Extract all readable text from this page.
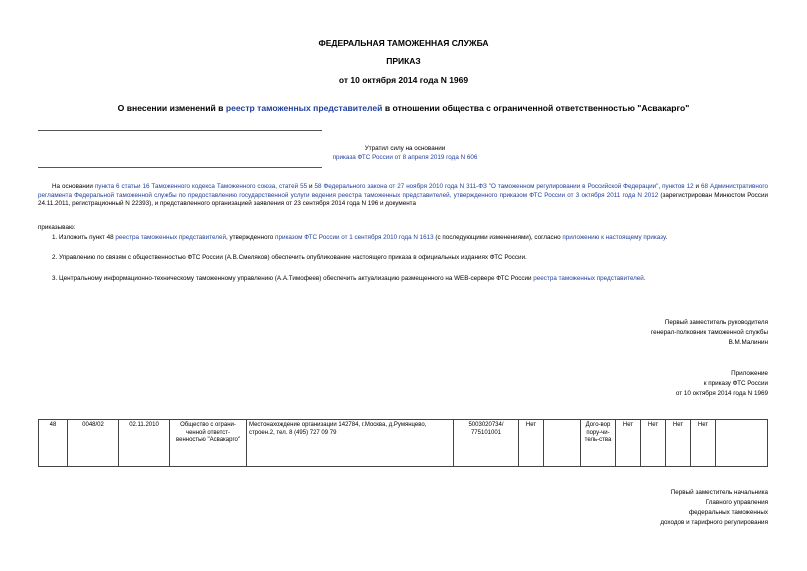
ФЕДЕРАЛЬНАЯ ТАМОЖЕННАЯ СЛУЖБА
ПРИКАЗ
от 10 октября 2014 года N 1969
О внесении изменений в реестр таможенных представителей в отношении общества с ограниченной ответственностью "Асвакарго"
Утратил силу на основании
приказа ФТС России от 8 апреля 2019 года N 606
На основании пункта 6 статьи 16 Таможенного кодекса Таможенного союза, статей 55 и 58 Федерального закона от 27 ноября 2010 года N 311-ФЗ "О таможенном регулировании в Российской Федерации", пунктов 12 и 68 Административного регламента Федеральной таможенной службы по предоставлению государственной услуги ведения реестра таможенных представителей, утвержденного приказом ФТС России от 3 октября 2011 года N 2012 (зарегистрирован Минюстом России 24.11.2011, регистрационный N 22393), и представленного организацией заявления от 23 сентября 2014 года N 196 и документа
приказываю:
1. Изложить пункт 48 реестра таможенных представителей, утвержденного приказом ФТС России от 1 сентября 2010 года N 1613 (с последующими изменениями), согласно приложению к настоящему приказу.
2. Управлению по связям с общественностью ФТС России (А.В.Смеляков) обеспечить опубликование настоящего приказа в официальных изданиях ФТС России.
3. Центральному информационно-техническому таможенному управлению (А.А.Тимофеев) обеспечить актуализацию размещенного на WEB-сервере ФТС России реестра таможенных представителей.
Первый заместитель руководителя
генерал-полковник таможенной службы
В.М.Малинин
Приложение
к приказу ФТС России
от 10 октября 2014 года N 1969
48	0048/02	02.11.2010	Общество с ограни-ченной ответст-венностью "Асвакарго"	Местонахождение организации 142784, г.Москва, д.Румянцево, строен.2, тел. 8 (495) 727 09 79	5003020734/ 775101001	Нет		Дого-вор пору-чи-тель-ства	Нет	Нет	Нет	Нет	
Первый заместитель начальника
Главного управления
федеральных таможенных
доходов и тарифного регулирования
